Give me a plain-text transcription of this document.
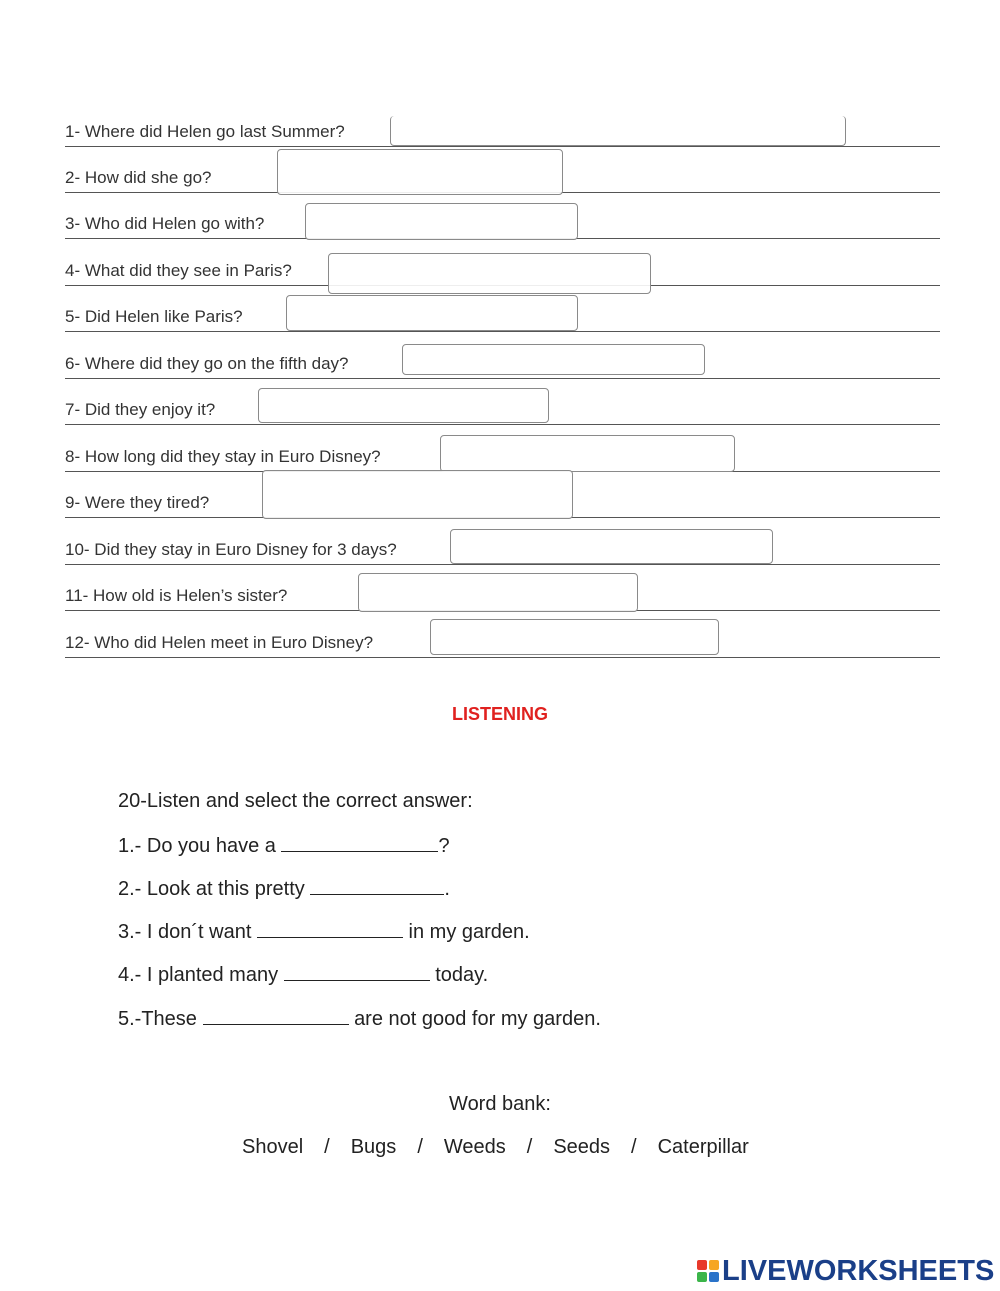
1- Where did Helen go last Summer?
2- How did she go?
3- Who did Helen go with?
4- What did they see in Paris?
5- Did Helen like Paris?
6- Where did they go on the fifth day?
7- Did they enjoy it?
8- How long did they stay in Euro Disney?
9- Were they tired?
10- Did they stay in Euro Disney for 3 days?
11- How old is Helen’s sister?
12- Who did Helen meet in Euro Disney?
LISTENING
20-Listen and select the correct answer:
1.- Do you have a	?
2.- Look at this pretty	.
3.- I don´t want	in my garden.
4.- I planted many	today.
5.-These	are not good for my garden.
Word bank:
Shovel / Bugs / Weeds / Seeds / Caterpillar
LIVEWORKSHEETS
